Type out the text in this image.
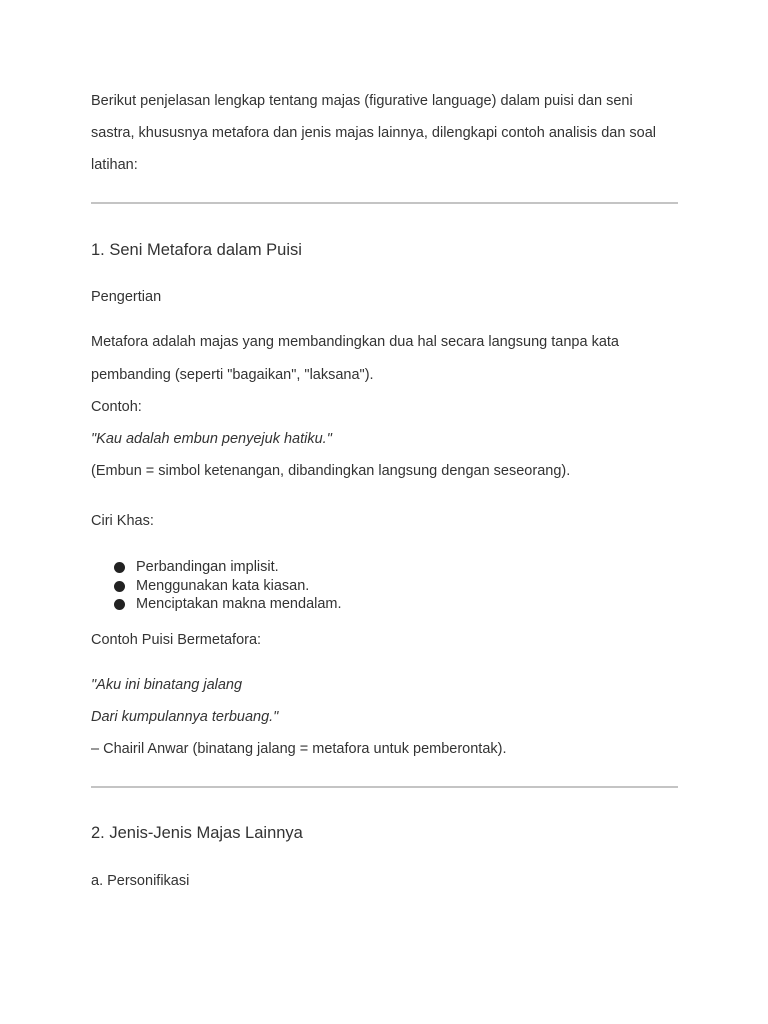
Berikut penjelasan lengkap tentang majas (figurative language) dalam puisi dan seni
sastra, khususnya metafora dan jenis majas lainnya, dilengkapi contoh analisis dan soal
latihan:
1. Seni Metafora dalam Puisi
Pengertian
Metafora adalah majas yang membandingkan dua hal secara langsung tanpa kata
pembanding (seperti "bagaikan", "laksana").
Contoh:
"Kau adalah embun penyejuk hatiku."
(Embun = simbol ketenangan, dibandingkan langsung dengan seseorang).
Ciri Khas:
Perbandingan implisit.
Menggunakan kata kiasan.
Menciptakan makna mendalam.
Contoh Puisi Bermetafora:
"Aku ini binatang jalang
Dari kumpulannya terbuang."
– Chairil Anwar (binatang jalang = metafora untuk pemberontak).
2. Jenis-Jenis Majas Lainnya
a. Personifikasi
